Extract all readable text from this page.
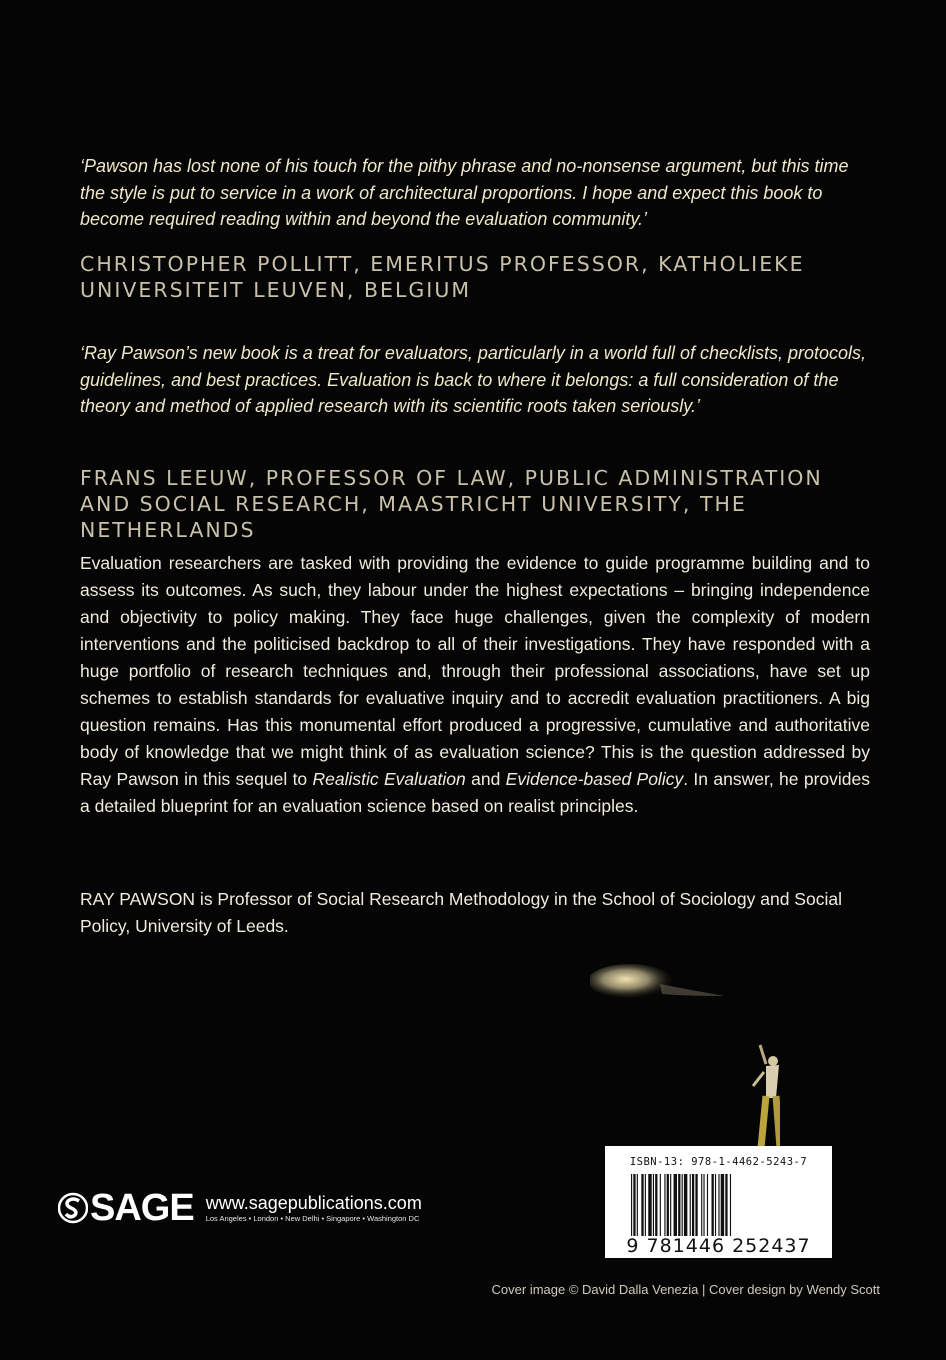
‘Pawson has lost none of his touch for the pithy phrase and no-nonsense argument, but this time the style is put to service in a work of architectural proportions. I hope and expect this book to become required reading within and beyond the evaluation community.’

CHRISTOPHER POLLITT, EMERITUS PROFESSOR, KATHOLIEKE UNIVERSITEIT LEUVEN, BELGIUM

‘Ray Pawson’s new book is a treat for evaluators, particularly in a world full of checklists, protocols, guidelines, and best practices. Evaluation is back to where it belongs: a full consideration of the theory and method of applied research with its scientific roots taken seriously.’

FRANS LEEUW, PROFESSOR OF LAW, PUBLIC ADMINISTRATION AND SOCIAL RESEARCH, MAASTRICHT UNIVERSITY, THE NETHERLANDS

Evaluation researchers are tasked with providing the evidence to guide programme building and to assess its outcomes. As such, they labour under the highest expectations – bringing independence and objectivity to policy making. They face huge challenges, given the complexity of modern interventions and the politicised backdrop to all of their investigations. They have responded with a huge portfolio of research techniques and, through their professional associations, have set up schemes to establish standards for evaluative inquiry and to accredit evaluation practitioners. A big question remains. Has this monumental effort produced a progressive, cumulative and authoritative body of knowledge that we might think of as evaluation science? This is the question addressed by Ray Pawson in this sequel to Realistic Evaluation and Evidence-based Policy. In answer, he provides a detailed blueprint for an evaluation science based on realist principles.

RAY PAWSON is Professor of Social Research Methodology in the School of Sociology and Social Policy, University of Leeds.

ISBN-13: 978-1-4462-5243-7
9 781446 252437
SAGE www.sagepublications.com
Los Angeles • London • New Delhi • Singapore • Washington DC
Cover image © David Dalla Venezia | Cover design by Wendy Scott
